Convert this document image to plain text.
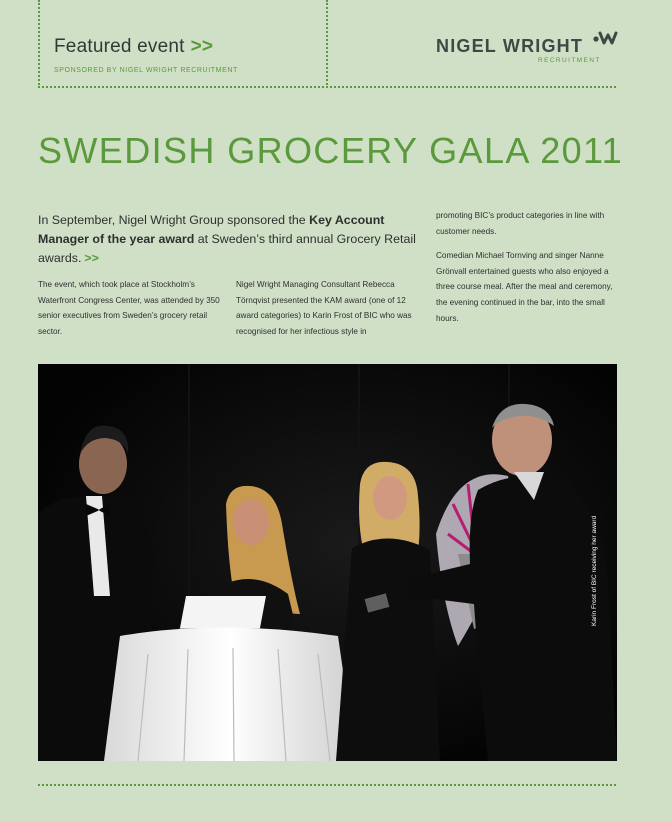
Featured event >>
SPONSORED BY NIGEL WRIGHT RECRUITMENT
NIGEL WRIGHT
RECRUITMENT
SWEDISH GROCERY GALA 2011
In September, Nigel Wright Group sponsored the Key Account Manager of the year award at Sweden’s third annual Grocery Retail awards. >>

The event, which took place at Stockholm’s Waterfront Congress Center, was attended by 350 senior executives from Sweden’s grocery retail sector.

Nigel Wright Managing Consultant Rebecca Törnqvist presented the KAM award (one of 12 award categories) to Karin Frost of BIC who was recognised for her infectious style in

promoting BIC’s product categories in line with customer needs.

Comedian Michael Tornving and singer Nanne Grönvall entertained guests who also enjoyed a three course meal. After the meal and ceremony, the evening continued in the bar, into the small hours.

Karin Frost of BIC receiving her award
